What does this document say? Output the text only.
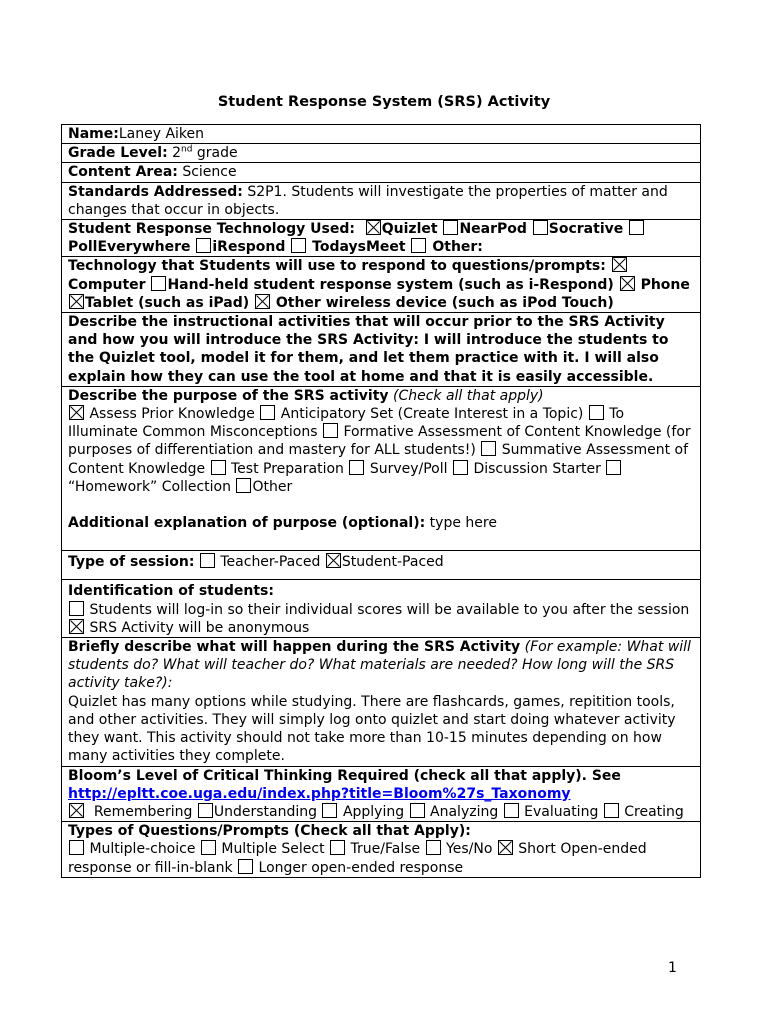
Student Response System (SRS) Activity
Name:Laney Aiken
Grade Level: 2nd grade
Content Area: Science
Standards Addressed: S2P1. Students will investigate the properties of matter and changes that occur in objects.
Student Response Technology Used: Quizlet NearPod Socrative PollEverywhere iRespond TodaysMeet Other:
Technology that Students will use to respond to questions/prompts:  Computer Hand-held student response system (such as i-Respond) Phone Tablet (such as iPad) Other wireless device (such as iPod Touch)
Describe the instructional activities that will occur prior to the SRS Activity and how you will introduce the SRS Activity: I will introduce the students to the Quizlet tool, model it for them, and let them practice with it. I will also explain how they can use the tool at home and that it is easily accessible.
Describe the purpose of the SRS activity (Check all that apply)
Assess Prior Knowledge Anticipatory Set (Create Interest in a Topic) To Illuminate Common Misconceptions Formative Assessment of Content Knowledge (for purposes of differentiation and mastery for ALL students!) Summative Assessment of Content Knowledge Test Preparation Survey/Poll Discussion Starter “Homework” Collection Other
Additional explanation of purpose (optional): type here

Type of session: Teacher-Paced Student-Paced
Identification of students:
Students will log-in so their individual scores will be available to you after the session
SRS Activity will be anonymous
Briefly describe what will happen during the SRS Activity (For example: What will students do? What will teacher do? What materials are needed? How long will the SRS activity take?):
Quizlet has many options while studying. There are flashcards, games, repitition tools, and other activities. They will simply log onto quizlet and start doing whatever activity they want. This activity should not take more than 10-15 minutes depending on how many activities they complete.
Bloom’s Level of Critical Thinking Required (check all that apply). See
http://epltt.coe.uga.edu/index.php?title=Bloom%27s_Taxonomy
Remembering Understanding Applying Analyzing Evaluating Creating
Types of Questions/Prompts (Check all that Apply):
Multiple-choice Multiple Select True/False Yes/No Short Open-ended response or fill-in-blank Longer open-ended response
1
